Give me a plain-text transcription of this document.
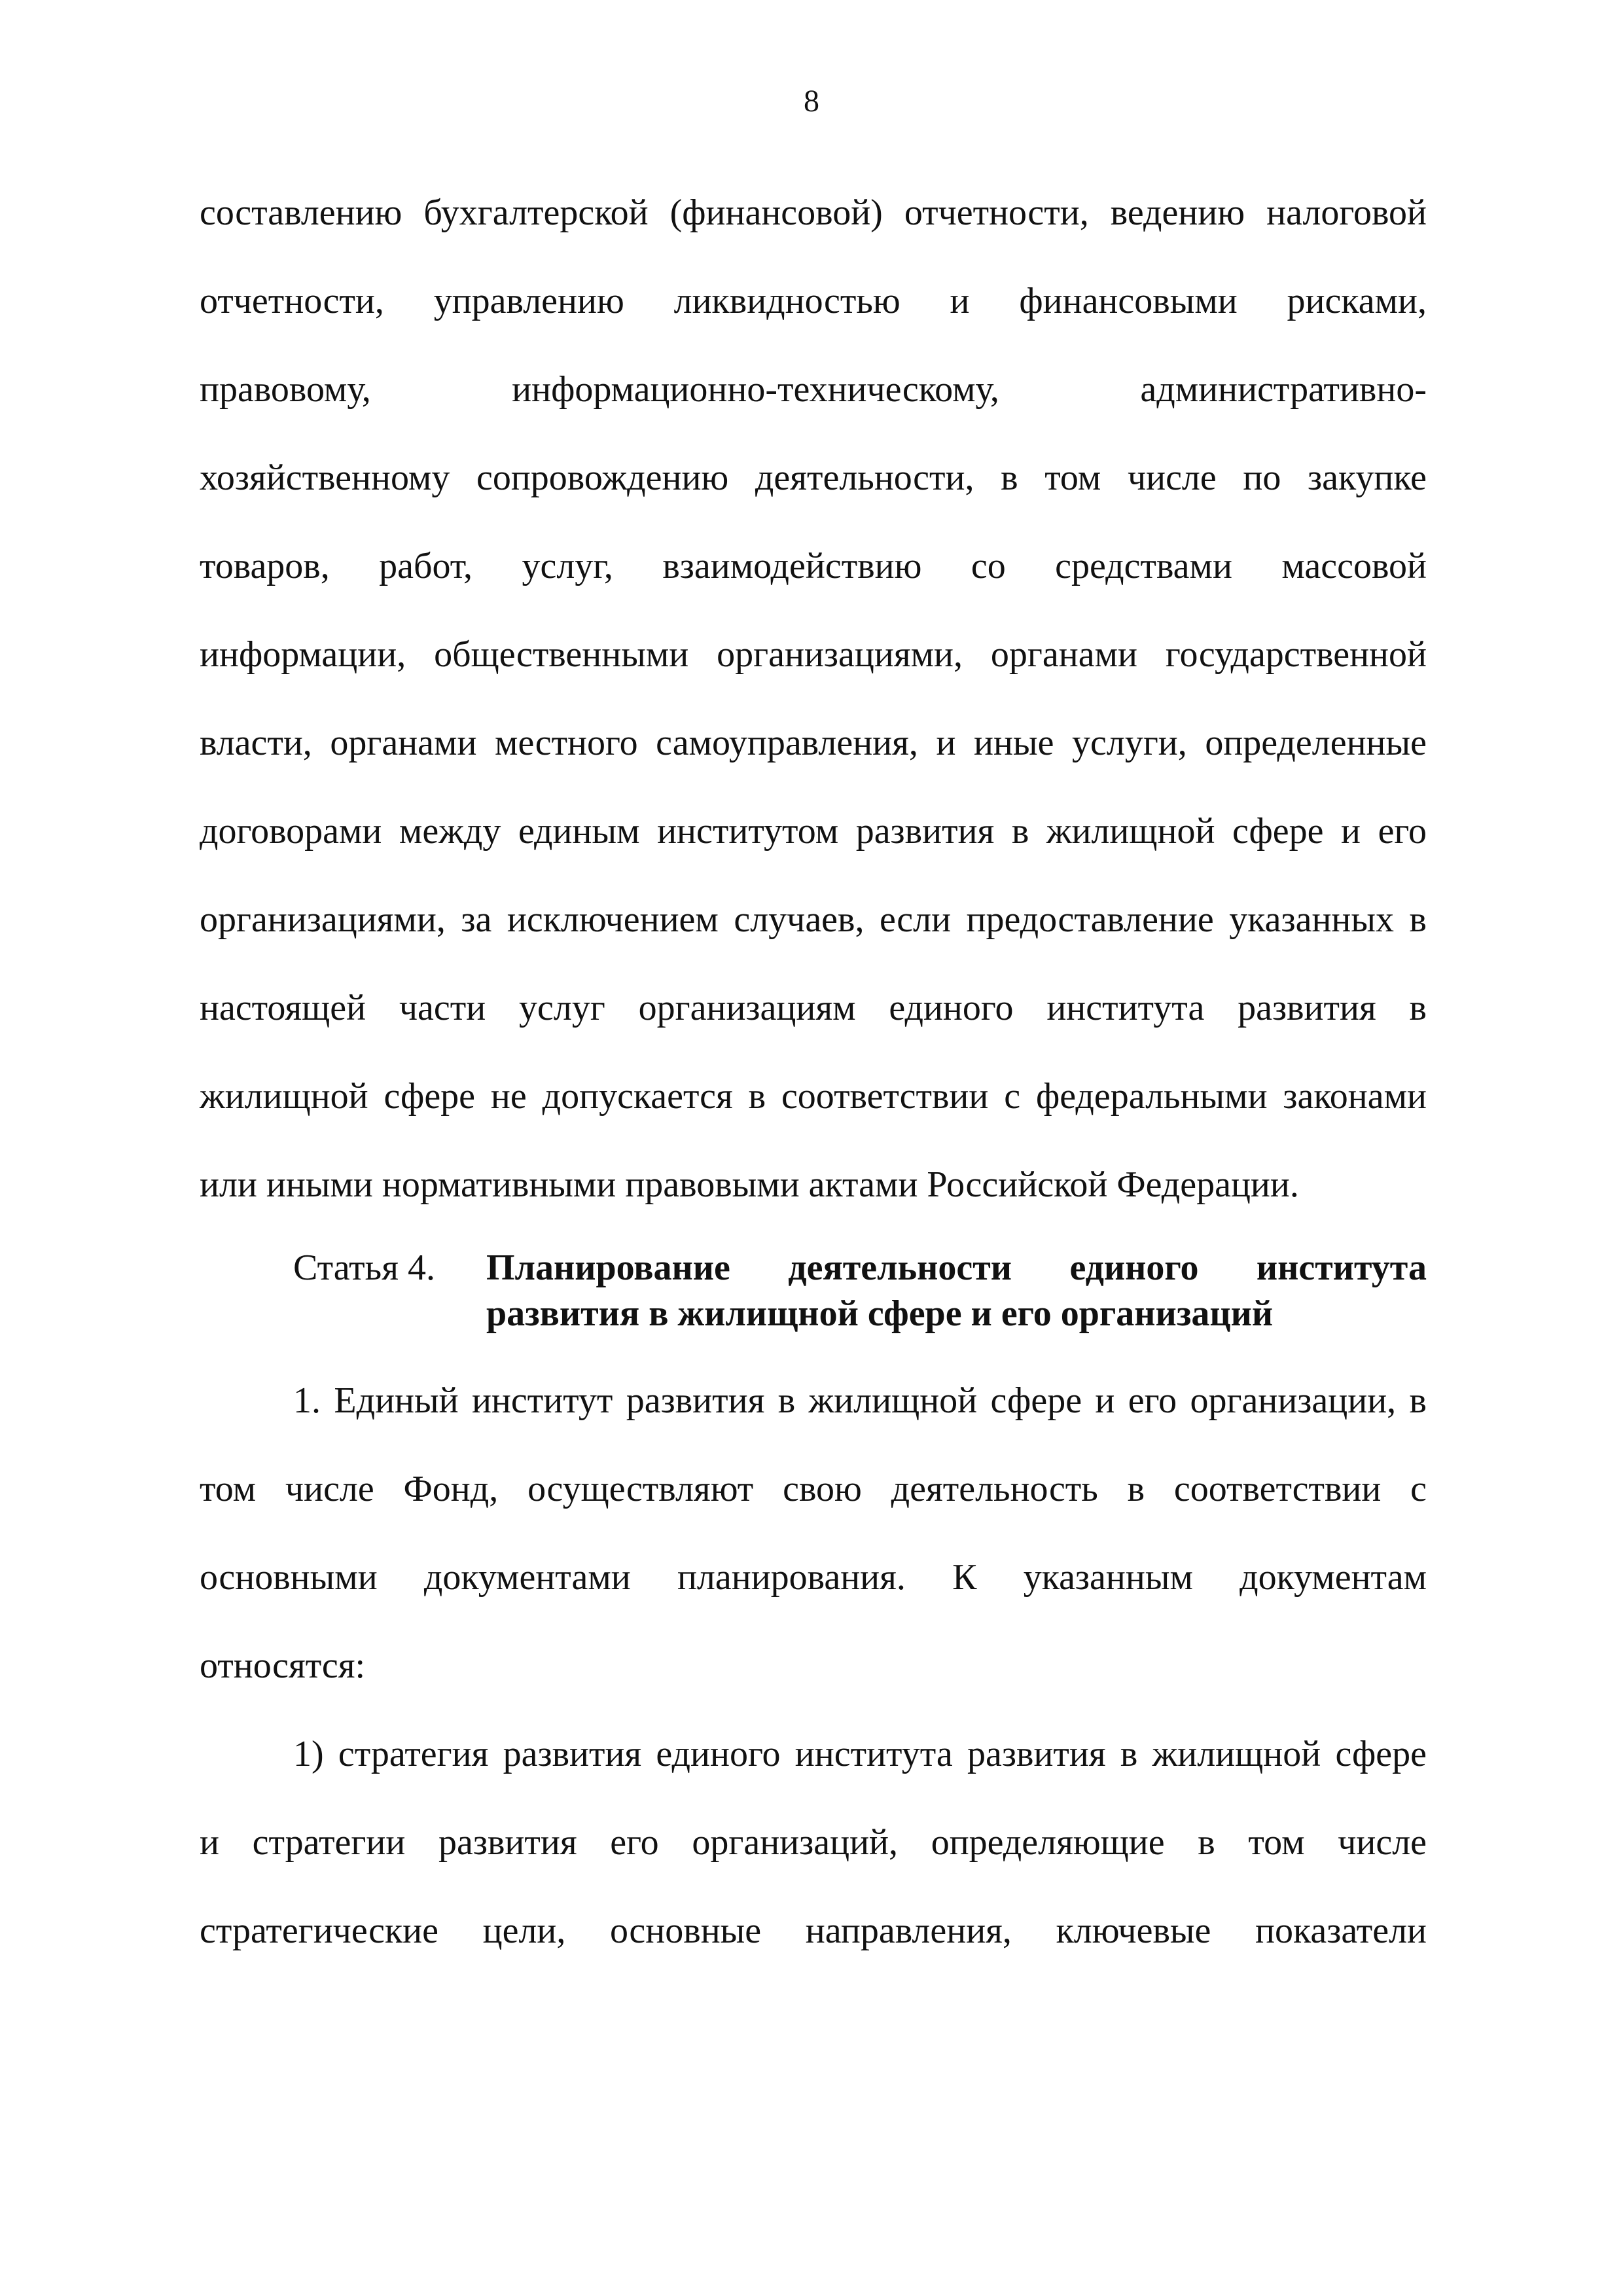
8
составлению бухгалтерской (финансовой) отчетности, ведению налоговой
отчетности, управлению ликвидностью и финансовыми рисками,
правовому, информационно-техническому, административно-
хозяйственному сопровождению деятельности, в том числе по закупке
товаров, работ, услуг, взаимодействию со средствами массовой
информации, общественными организациями, органами государственной
власти, органами местного самоуправления, и иные услуги, определенные
договорами между единым институтом развития в жилищной сфере и его
организациями, за исключением случаев, если предоставление указанных в
настоящей части услуг организациям единого института развития в
жилищной сфере не допускается в соответствии с федеральными законами
или иными нормативными правовыми актами Российской Федерации.
Статья 4. Планирование деятельности единого института
развития в жилищной сфере и его организаций
1. Единый институт развития в жилищной сфере и его организации, в
том числе Фонд, осуществляют свою деятельность в соответствии с
основными документами планирования. К указанным документам
относятся:
1) стратегия развития единого института развития в жилищной сфере
и стратегии развития его организаций, определяющие в том числе
стратегические цели, основные направления, ключевые показатели
